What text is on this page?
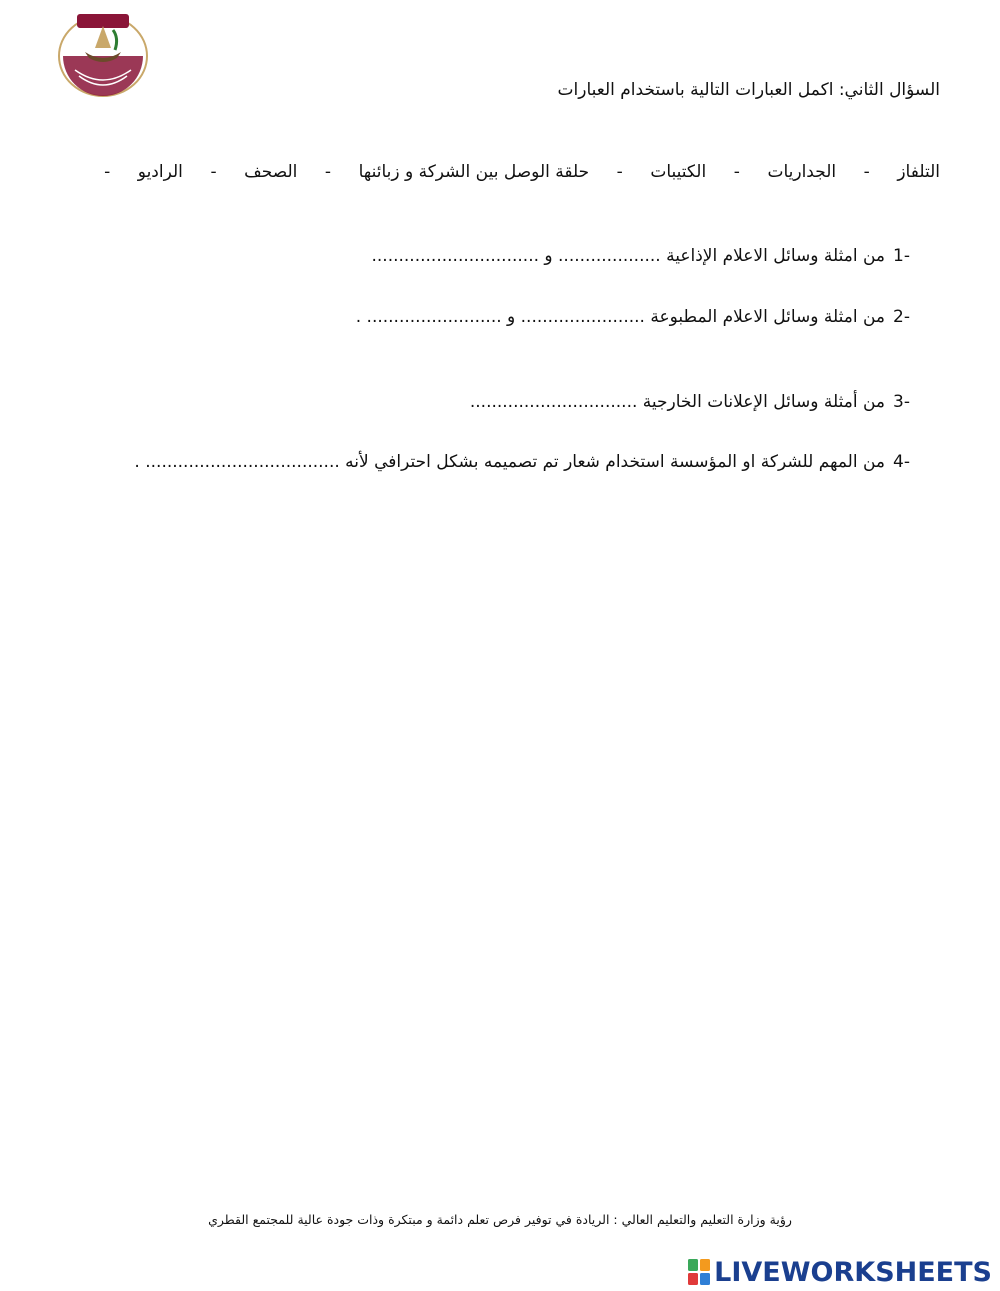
السؤال الثاني: اكمل العبارات التالية باستخدام العبارات
التلفاز
-
الجداريات
-
الكتيبات
-
حلقة الوصل بين الشركة و زبائنها
-
الصحف
-
الراديو
-
-1من امثلة وسائل الاعلام الإذاعية ................... و ...............................
-2من امثلة وسائل الاعلام المطبوعة ....................... و ......................... .
-3من أمثلة وسائل الإعلانات الخارجية ...............................
-4من المهم للشركة او المؤسسة استخدام شعار تم تصميمه بشكل احترافي لأنه .................................... .
رؤية وزارة التعليم والتعليم العالي : الريادة في توفير فرص تعلم دائمة و مبتكرة وذات جودة عالية للمجتمع القطري
LIVEWORKSHEETS
